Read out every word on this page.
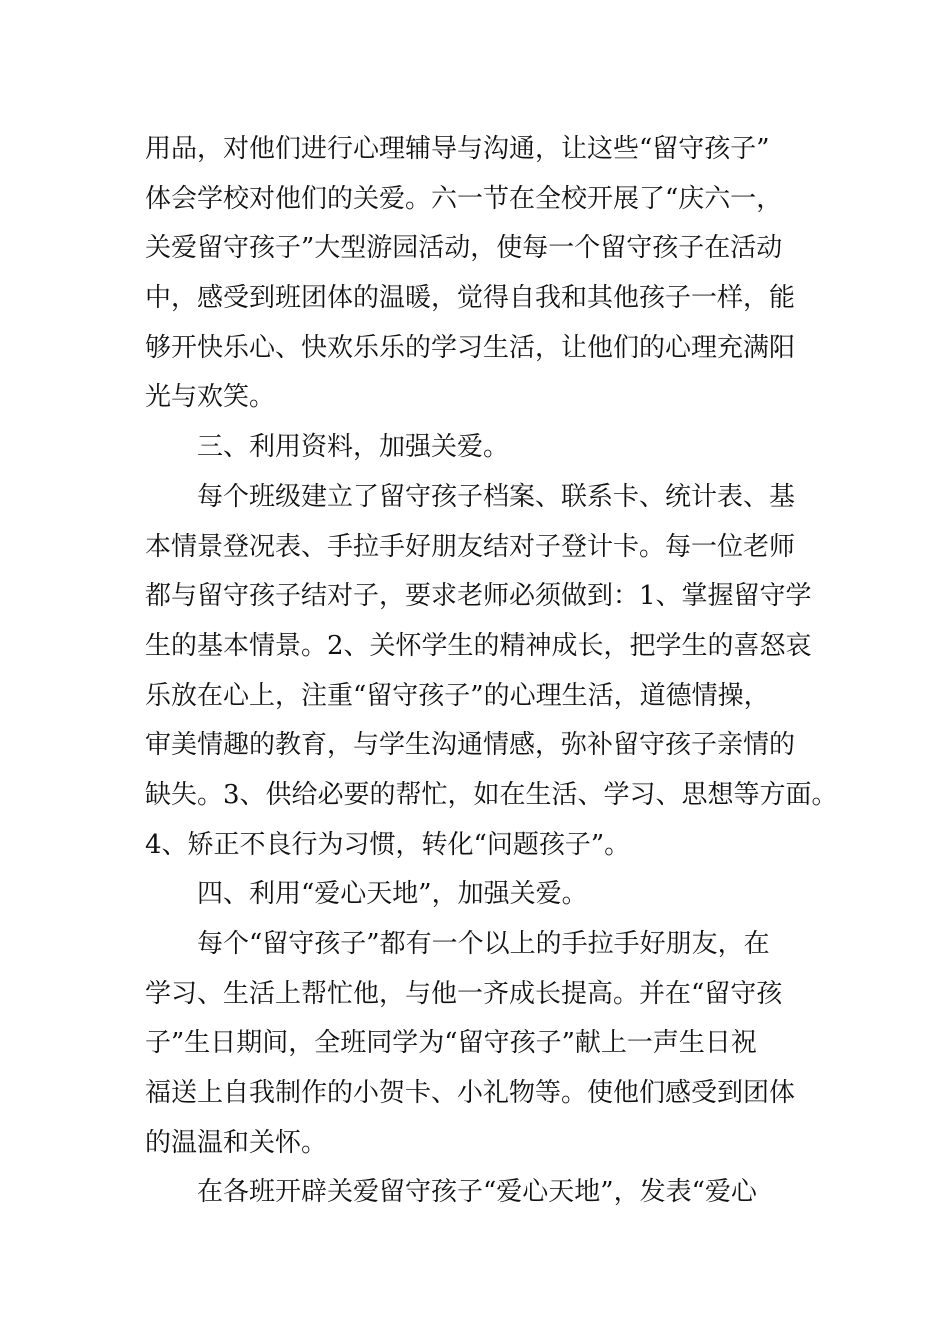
用品，对他们进行心理辅导与沟通，让这些“留守孩子”
体会学校对他们的关爱。六一节在全校开展了“庆六一，
关爱留守孩子”大型游园活动，使每一个留守孩子在活动
中，感受到班团体的温暖，觉得自我和其他孩子一样，能
够开快乐心、快欢乐乐的学习生活，让他们的心理充满阳
光与欢笑。
三、利用资料，加强关爱。
每个班级建立了留守孩子档案、联系卡、统计表、基
本情景登况表、手拉手好朋友结对子登计卡。每一位老师
都与留守孩子结对子，要求老师必须做到：1、掌握留守学
生的基本情景。2、关怀学生的精神成长，把学生的喜怒哀
乐放在心上，注重“留守孩子”的心理生活，道德情操，
审美情趣的教育，与学生沟通情感，弥补留守孩子亲情的
缺失。3、供给必要的帮忙，如在生活、学习、思想等方面。
4、矫正不良行为习惯，转化“问题孩子”。
四、利用“爱心天地”，加强关爱。
每个“留守孩子”都有一个以上的手拉手好朋友，在
学习、生活上帮忙他，与他一齐成长提高。并在“留守孩
子”生日期间，全班同学为“留守孩子”献上一声生日祝
福送上自我制作的小贺卡、小礼物等。使他们感受到团体
的温温和关怀。
在各班开辟关爱留守孩子“爱心天地”，发表“爱心
